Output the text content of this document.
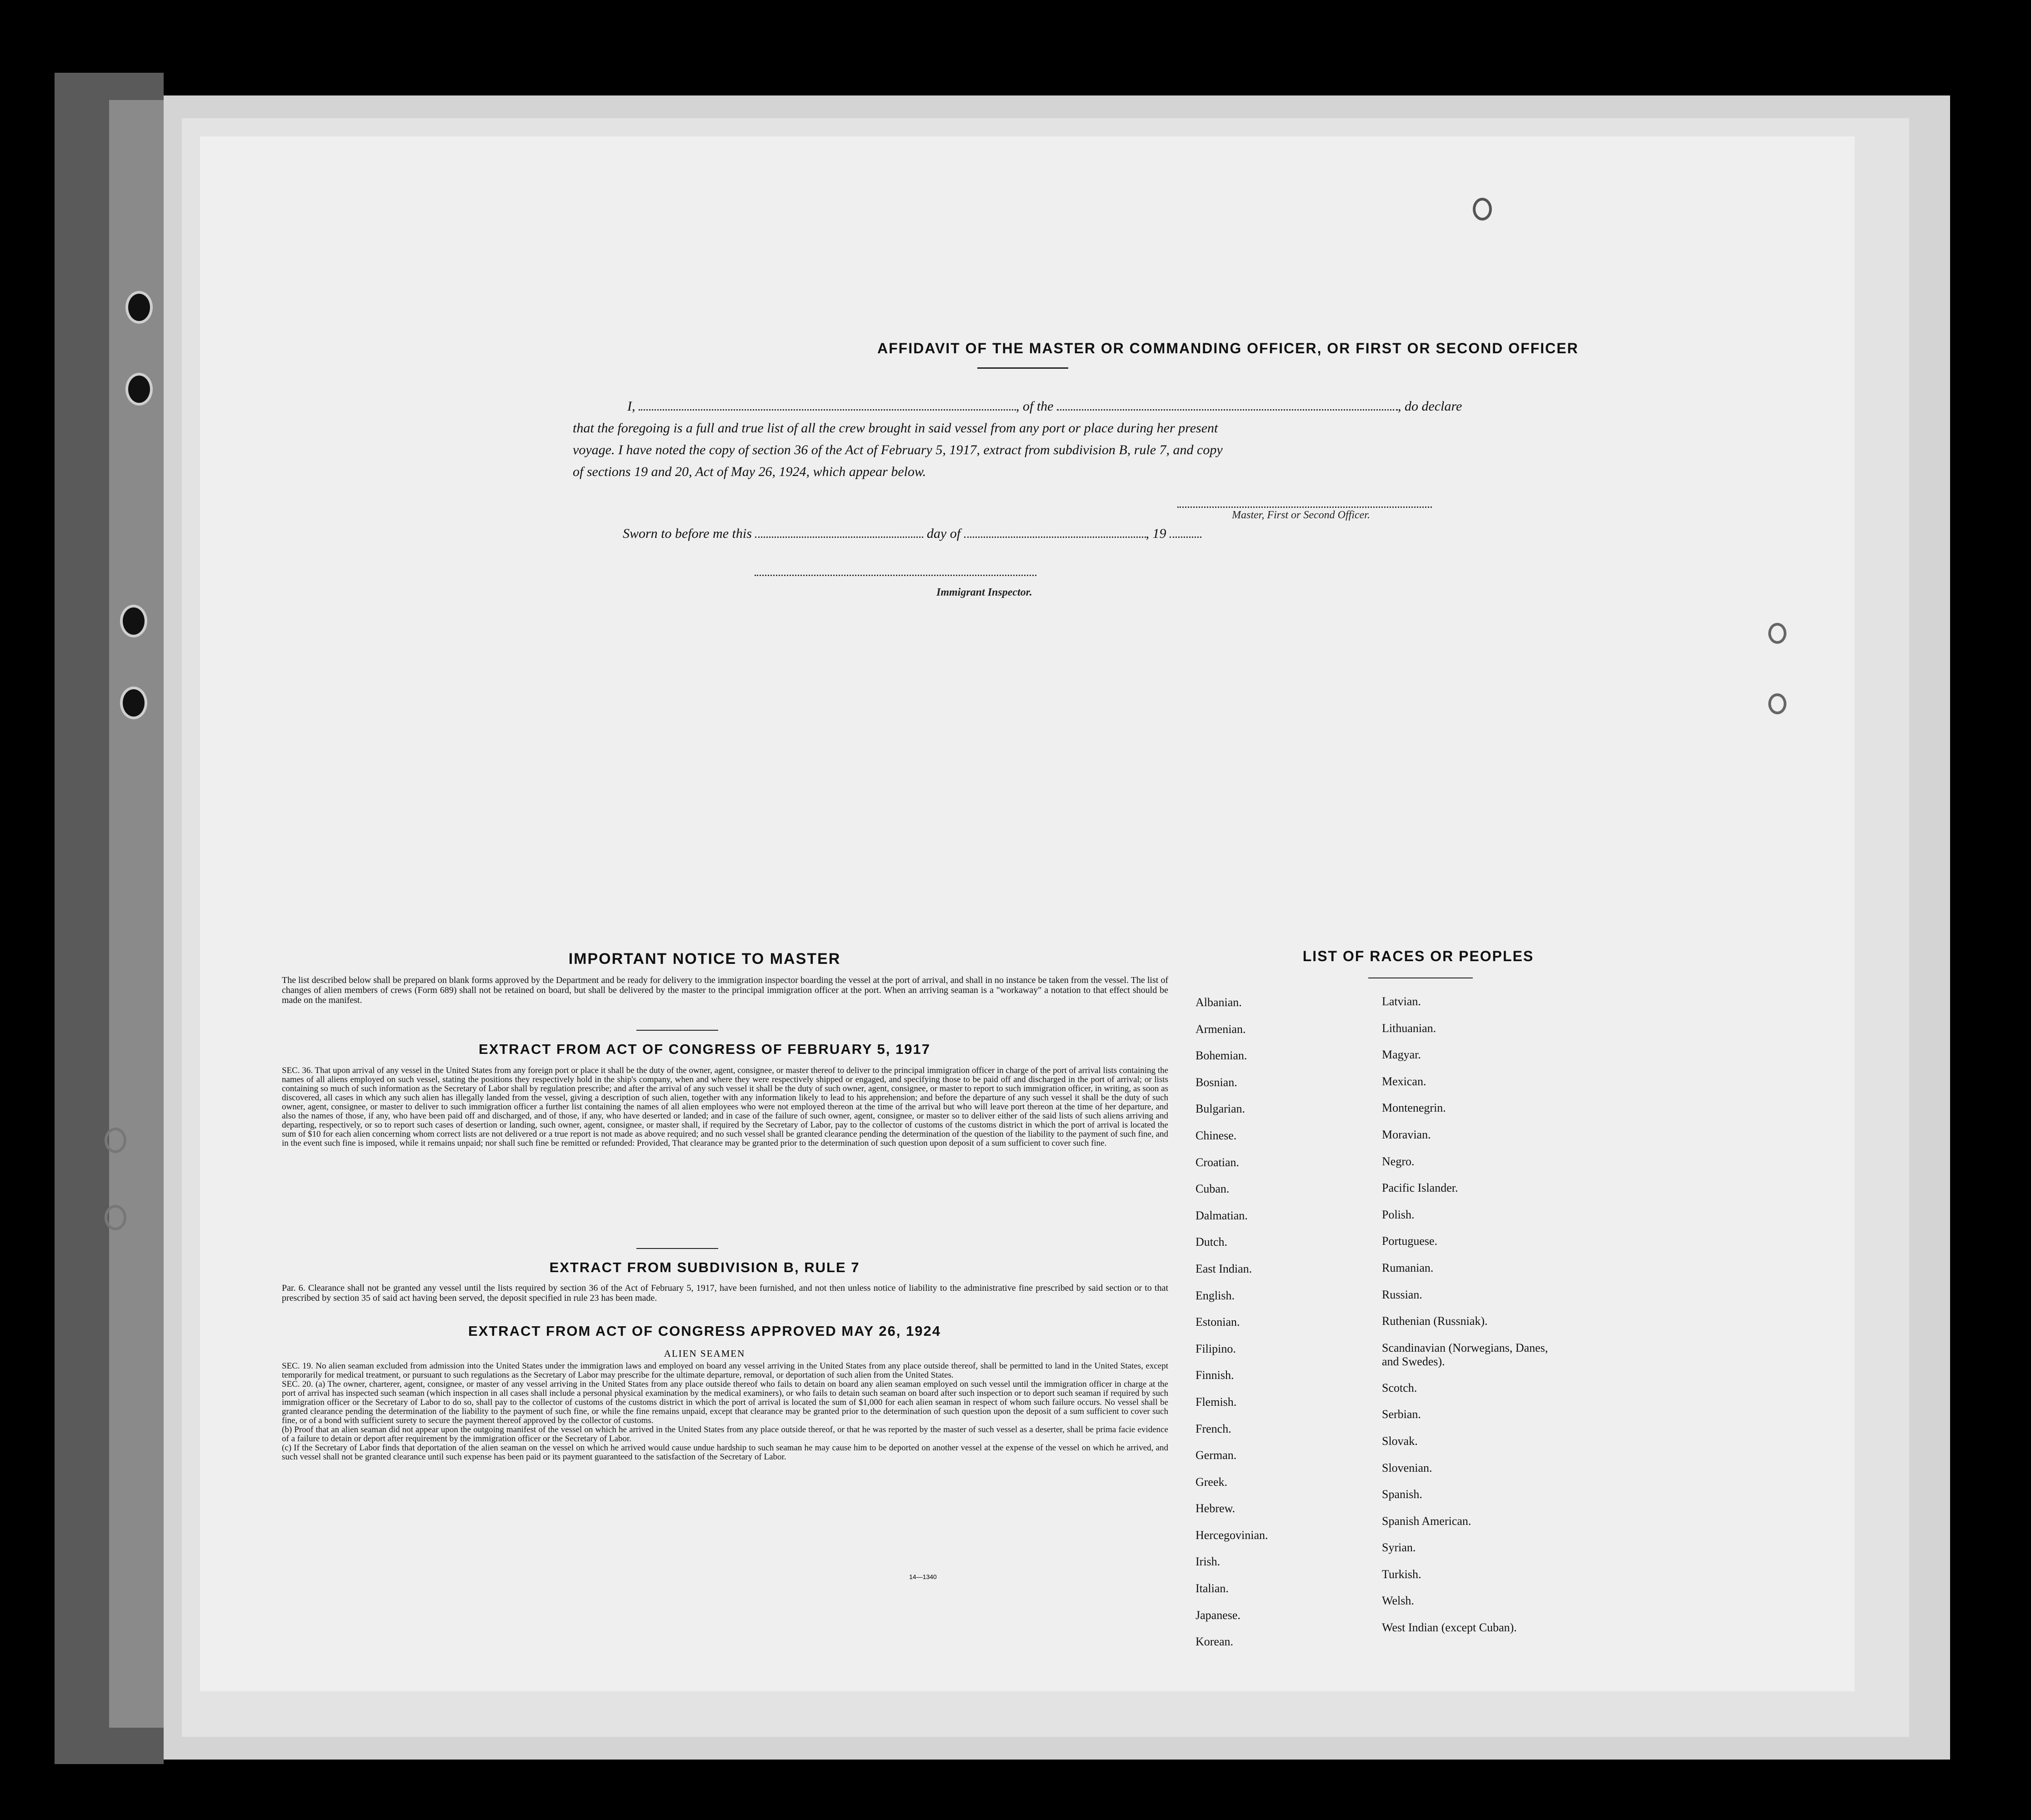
AFFIDAVIT OF THE MASTER OR COMMANDING OFFICER, OR FIRST OR SECOND OFFICER
I,	, of the	, do declare
that the foregoing is a full and true list of all the crew brought in said vessel from any port or place during her present
voyage. I have noted the copy of section 36 of the Act of February 5, 1917, extract from subdivision B, rule 7, and copy
of sections 19 and 20, Act of May 26, 1924, which appear below.
Master, First or Second Officer.
Sworn to before me this	day of	, 19
Immigrant Inspector.
IMPORTANT NOTICE TO MASTER
The list described below shall be prepared on blank forms approved by the Department and be ready for delivery to the immigration inspector boarding the vessel at the port of arrival, and shall in no instance be taken from the vessel. The list of changes of alien members of crews (Form 689) shall not be retained on board, but shall be delivered by the master to the principal immigration officer at the port. When an arriving seaman is a "workaway" a notation to that effect should be made on the manifest.
EXTRACT FROM ACT OF CONGRESS OF FEBRUARY 5, 1917
SEC. 36. That upon arrival of any vessel in the United States from any foreign port or place it shall be the duty of the owner, agent, consignee, or master thereof to deliver to the principal immigration officer in charge of the port of arrival lists containing the names of all aliens employed on such vessel, stating the positions they respectively hold in the ship's company, when and where they were respectively shipped or engaged, and specifying those to be paid off and discharged in the port of arrival; or lists containing so much of such information as the Secretary of Labor shall by regulation prescribe; and after the arrival of any such vessel it shall be the duty of such owner, agent, consignee, or master to report to such immigration officer, in writing, as soon as discovered, all cases in which any such alien has illegally landed from the vessel, giving a description of such alien, together with any information likely to lead to his apprehension; and before the departure of any such vessel it shall be the duty of such owner, agent, consignee, or master to deliver to such immigration officer a further list containing the names of all alien employees who were not employed thereon at the time of the arrival but who will leave port thereon at the time of her departure, and also the names of those, if any, who have been paid off and discharged, and of those, if any, who have deserted or landed; and in case of the failure of such owner, agent, consignee, or master so to deliver either of the said lists of such aliens arriving and departing, respectively, or so to report such cases of desertion or landing, such owner, agent, consignee, or master shall, if required by the Secretary of Labor, pay to the collector of customs of the customs district in which the port of arrival is located the sum of $10 for each alien concerning whom correct lists are not delivered or a true report is not made as above required; and no such vessel shall be granted clearance pending the determination of the question of the liability to the payment of such fine, and in the event such fine is imposed, while it remains unpaid; nor shall such fine be remitted or refunded: Provided, That clearance may be granted prior to the determination of such question upon deposit of a sum sufficient to cover such fine.
EXTRACT FROM SUBDIVISION B, RULE 7
Par. 6. Clearance shall not be granted any vessel until the lists required by section 36 of the Act of February 5, 1917, have been furnished, and not then unless notice of liability to the administrative fine prescribed by said section or to that prescribed by section 35 of said act having been served, the deposit specified in rule 23 has been made.
EXTRACT FROM ACT OF CONGRESS APPROVED MAY 26, 1924
ALIEN SEAMEN
SEC. 19. No alien seaman excluded from admission into the United States under the immigration laws and employed on board any vessel arriving in the United States from any place outside thereof, shall be permitted to land in the United States, except temporarily for medical treatment, or pursuant to such regulations as the Secretary of Labor may prescribe for the ultimate departure, removal, or deportation of such alien from the United States.
SEC. 20. (a) The owner, charterer, agent, consignee, or master of any vessel arriving in the United States from any place outside thereof who fails to detain on board any alien seaman employed on such vessel until the immigration officer in charge at the port of arrival has inspected such seaman (which inspection in all cases shall include a personal physical examination by the medical examiners), or who fails to detain such seaman on board after such inspection or to deport such seaman if required by such immigration officer or the Secretary of Labor to do so, shall pay to the collector of customs of the customs district in which the port of arrival is located the sum of $1,000 for each alien seaman in respect of whom such failure occurs. No vessel shall be granted clearance pending the determination of the liability to the payment of such fine, or while the fine remains unpaid, except that clearance may be granted prior to the determination of such question upon the deposit of a sum sufficient to cover such fine, or of a bond with sufficient surety to secure the payment thereof approved by the collector of customs.
(b) Proof that an alien seaman did not appear upon the outgoing manifest of the vessel on which he arrived in the United States from any place outside thereof, or that he was reported by the master of such vessel as a deserter, shall be prima facie evidence of a failure to detain or deport after requirement by the immigration officer or the Secretary of Labor.
(c) If the Secretary of Labor finds that deportation of the alien seaman on the vessel on which he arrived would cause undue hardship to such seaman he may cause him to be deported on another vessel at the expense of the vessel on which he arrived, and such vessel shall not be granted clearance until such expense has been paid or its payment guaranteed to the satisfaction of the Secretary of Labor.
14—1340
LIST OF RACES OR PEOPLES
Albanian.
Armenian.
Bohemian.
Bosnian.
Bulgarian.
Chinese.
Croatian.
Cuban.
Dalmatian.
Dutch.
East Indian.
English.
Estonian.
Filipino.
Finnish.
Flemish.
French.
German.
Greek.
Hebrew.
Hercegovinian.
Irish.
Italian.
Japanese.
Korean.
Latvian.
Lithuanian.
Magyar.
Mexican.
Montenegrin.
Moravian.
Negro.
Pacific Islander.
Polish.
Portuguese.
Rumanian.
Russian.
Ruthenian (Russniak).
Scandinavian (Norwegians, Danes, and Swedes).
Scotch.
Serbian.
Slovak.
Slovenian.
Spanish.
Spanish American.
Syrian.
Turkish.
Welsh.
West Indian (except Cuban).
